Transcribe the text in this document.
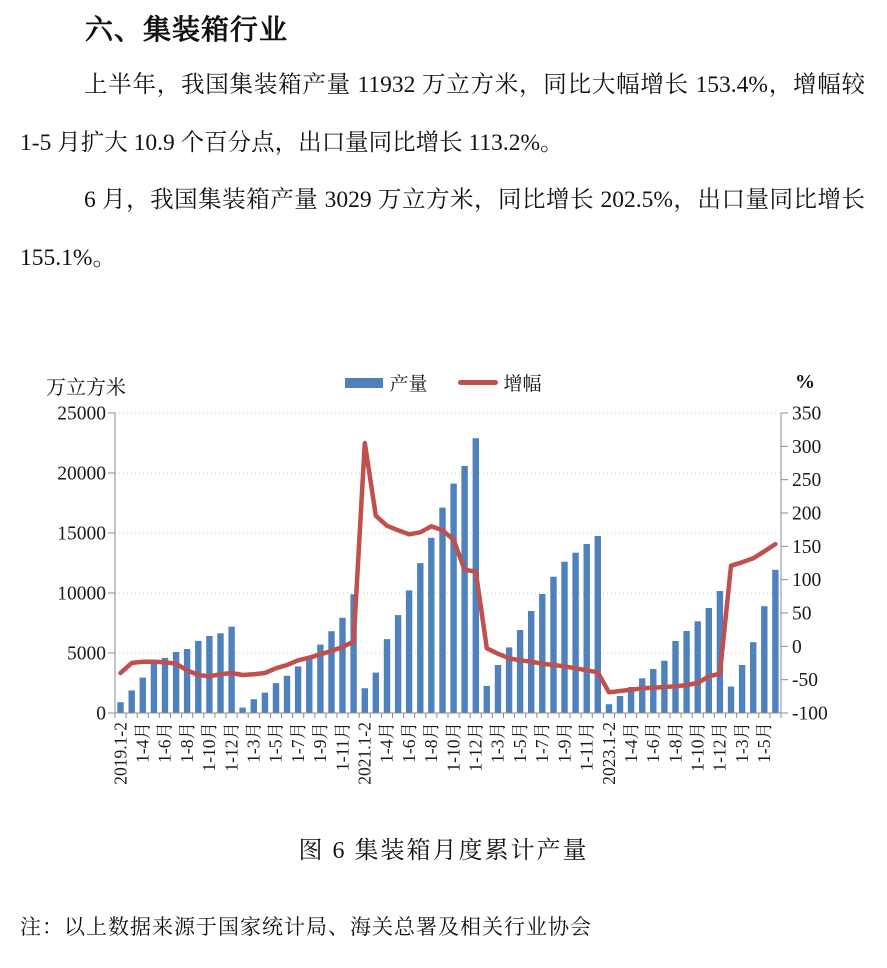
六、集装箱行业

上半年，我国集装箱产量 11932 万立方米，同比大幅增长 153.4%，增幅较 1-5 月扩大 10.9 个百分点，出口量同比增长 113.2%。

6 月，我国集装箱产量 3029 万立方米，同比增长 202.5%，出口量同比增长 155.1%。

万立方米	%
产量	增幅
0
5000
10000
15000
20000
25000
-100
-50
0
50
100
150
200
250
300
350
2019.1-2 1-4月 1-6月 1-8月 1-10月 1-12月 1-3月 1-5月 1-7月 1-9月 1-11月 2021.1-2 1-4月 1-6月 1-8月 1-10月 1-12月 1-3月 1-5月 1-7月 1-9月 1-11月 2023.1-2 1-4月 1-6月 1-8月 1-10月 1-12月 1-3月 1-5月
图 6 集装箱月度累计产量
注：以上数据来源于国家统计局、海关总署及相关行业协会
